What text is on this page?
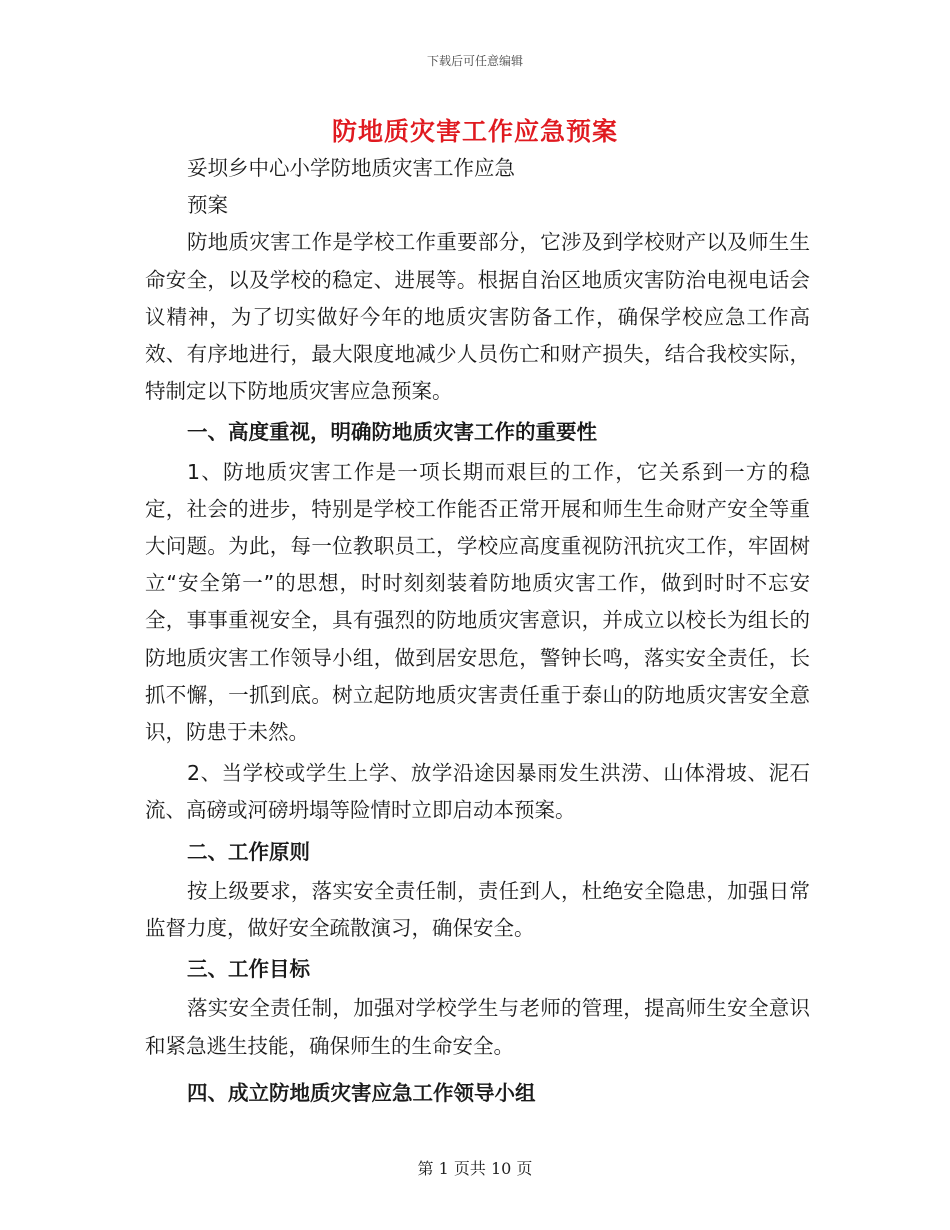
下载后可任意编辑
防地质灾害工作应急预案

妥坝乡中心小学防地质灾害工作应急

预案

防地质灾害工作是学校工作重要部分，它涉及到学校财产以及师生生命安全，以及学校的稳定、进展等。根据自治区地质灾害防治电视电话会议精神，为了切实做好今年的地质灾害防备工作，确保学校应急工作高效、有序地进行，最大限度地减少人员伤亡和财产损失，结合我校实际，特制定以下防地质灾害应急预案。

一、高度重视，明确防地质灾害工作的重要性

1、防地质灾害工作是一项长期而艰巨的工作，它关系到一方的稳定，社会的进步，特别是学校工作能否正常开展和师生生命财产安全等重大问题。为此，每一位教职员工，学校应高度重视防汛抗灾工作，牢固树立“安全第一”的思想，时时刻刻装着防地质灾害工作，做到时时不忘安全，事事重视安全，具有强烈的防地质灾害意识，并成立以校长为组长的防地质灾害工作领导小组，做到居安思危，警钟长鸣，落实安全责任，长抓不懈，一抓到底。树立起防地质灾害责任重于泰山的防地质灾害安全意识，防患于未然。

2、当学校或学生上学、放学沿途因暴雨发生洪涝、山体滑坡、泥石流、高磅或河磅坍塌等险情时立即启动本预案。

二、工作原则

按上级要求，落实安全责任制，责任到人，杜绝安全隐患，加强日常监督力度，做好安全疏散演习，确保安全。

三、工作目标

落实安全责任制，加强对学校学生与老师的管理，提高师生安全意识和紧急逃生技能，确保师生的生命安全。

四、成立防地质灾害应急工作领导小组

第 1 页共 10 页
